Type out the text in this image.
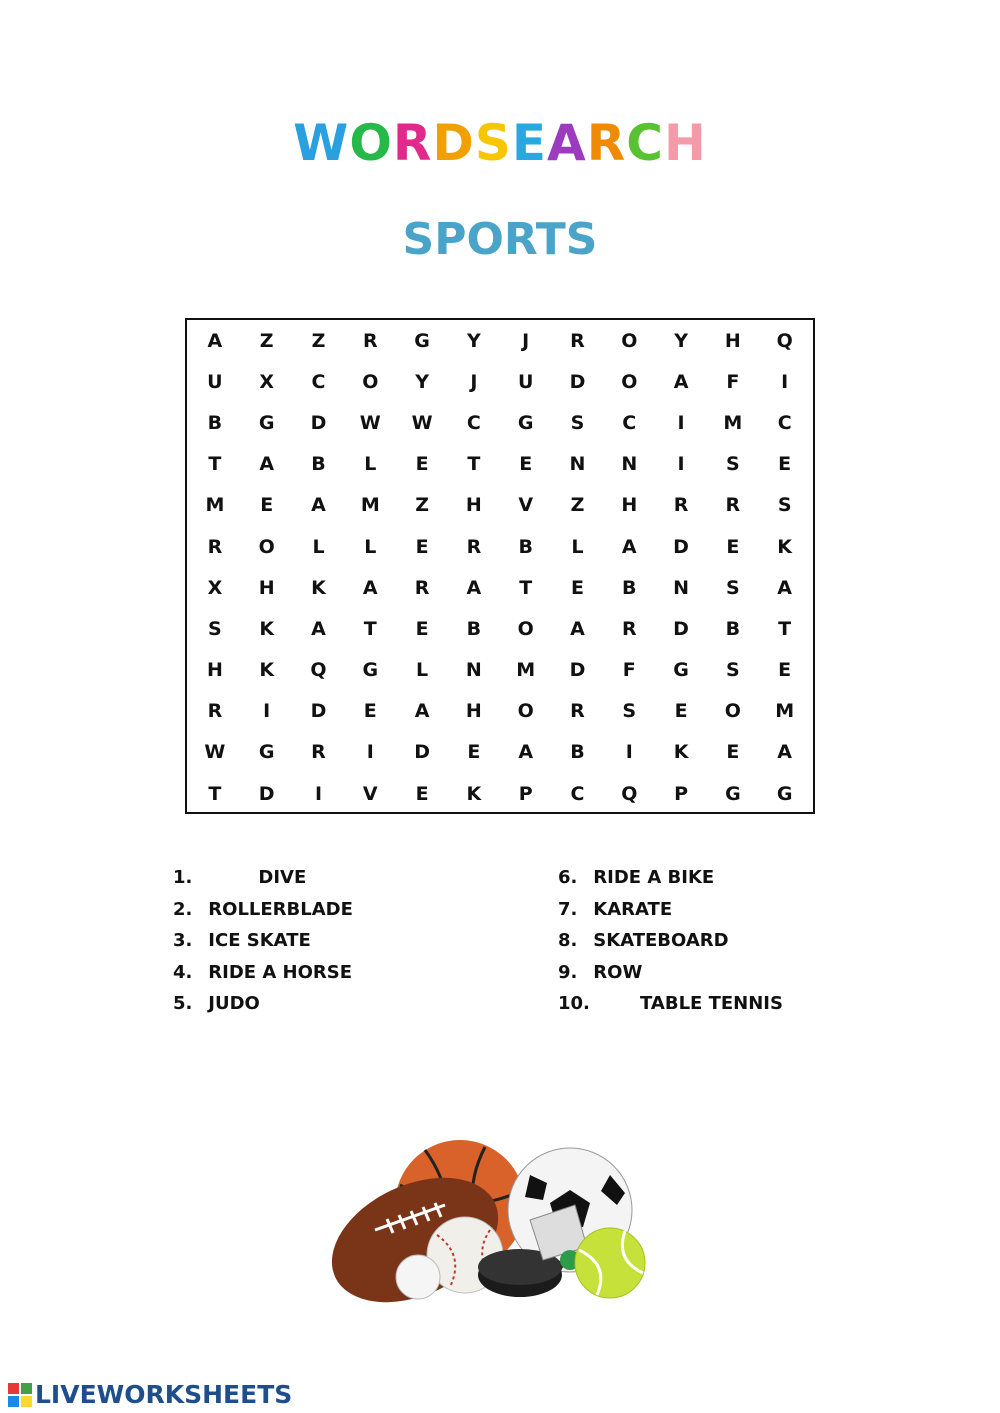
WORDSEARCH
SPORTS
A	Z	Z	R	G	Y	J	R	O	Y	H	Q
U	X	C	O	Y	J	U	D	O	A	F	I
B	G	D	W	W	C	G	S	C	I	M	C
T	A	B	L	E	T	E	N	N	I	S	E
M	E	A	M	Z	H	V	Z	H	R	R	S
R	O	L	L	E	R	B	L	A	D	E	K
X	H	K	A	R	A	T	E	B	N	S	A
S	K	A	T	E	B	O	A	R	D	B	T
H	K	Q	G	L	N	M	D	F	G	S	E
R	I	D	E	A	H	O	R	S	E	O	M
W	G	R	I	D	E	A	B	I	K	E	A
T	D	I	V	E	K	P	C	Q	P	G	G
1.         DIVE
2. ROLLERBLADE
3. ICE SKATE
4. RIDE A HORSE
5. JUDO
6. RIDE A BIKE
7. KARATE
8. SKATEBOARD
9. ROW
10.        TABLE TENNIS
LIVEWORKSHEETS
